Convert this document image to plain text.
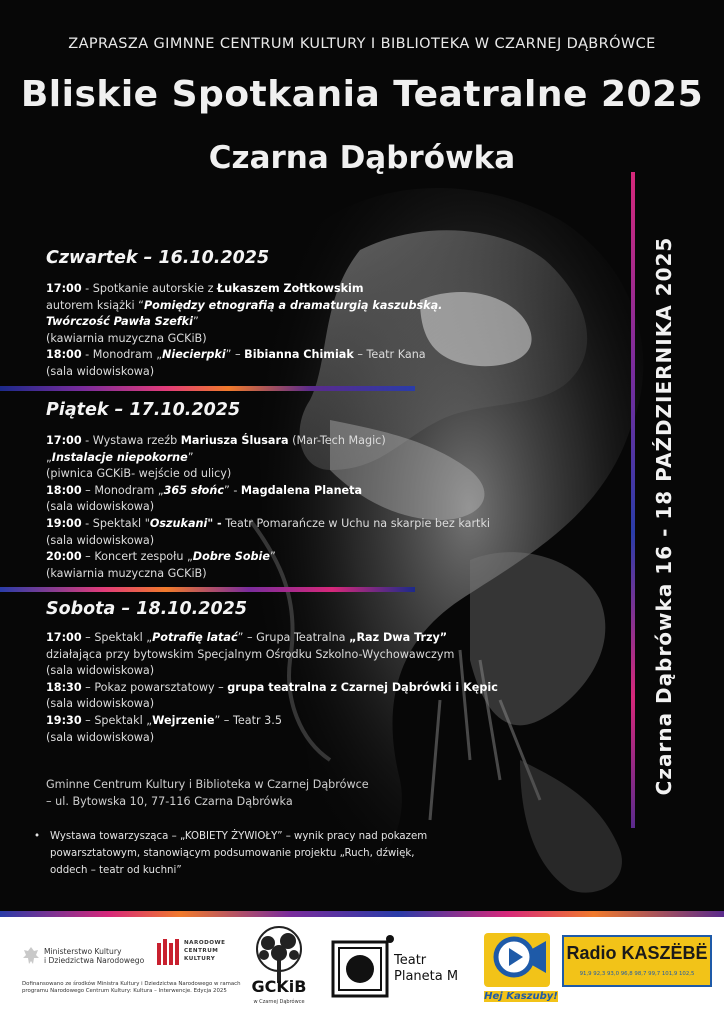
ZAPRASZA GIMNNE CENTRUM KULTURY I BIBLIOTEKA W CZARNEJ DĄBRÓWCE
Bliskie Spotkania Teatralne 2025
Czarna Dąbrówka
Czwartek – 16.10.2025
17:00 - Spotkanie autorskie z Łukaszem Zołtkowskim
autorem książki “Pomiędzy etnografią a dramaturgią kaszubską.
Twórczość Pawła Szefki”
(kawiarnia muzyczna GCKiB)
18:00 - Monodram „Niecierpki” – Bibianna Chimiak – Teatr Kana
(sala widowiskowa)
Piątek – 17.10.2025
17:00 - Wystawa rzeźb Mariusza Ślusara (Mar-Tech Magic)
„Instalacje niepokorne”
(piwnica GCKiB- wejście od ulicy)
18:00 – Monodram „365 słońc” - Magdalena Planeta
(sala widowiskowa)
19:00 - Spektakl "Oszukani" - Teatr Pomarańcze w Uchu na skarpie bez kartki
(sala widowiskowa)
20:00 – Koncert zespołu „Dobre Sobie”
(kawiarnia muzyczna GCKiB)
Sobota – 18.10.2025
17:00 – Spektakl „Potrafię latać” – Grupa Teatralna „Raz Dwa Trzy”
działająca przy bytowskim Specjalnym Ośrodku Szkolno-Wychowawczym
(sala widowiskowa)
18:30 – Pokaz powarsztatowy – grupa teatralna z Czarnej Dąbrówki i Kępic
(sala widowiskowa)
19:30 – Spektakl „Wejrzenie” – Teatr 3.5
(sala widowiskowa)	Czarna Dąbrówka 16 - 18 PAŹDZIERNIKA 2025
Gminne Centrum Kultury i Biblioteka w Czarnej Dąbrówce
– ul. Bytowska 10, 77-116 Czarna Dąbrówka
• Wystawa towarzysząca – „KOBIETY ŻYWIOŁY” – wynik pracy nad pokazem powarsztatowym, stanowiącym podsumowanie projektu „Ruch, dźwięk, oddech – teatr od kuchni”
Ministerstwo Kultury
i Dziedzictwa Narodowego
Dofinansowano ze środków Ministra Kultury i Dziedzictwa Narodowego w ramach
programu Narodowego Centrum Kultury: Kultura – Interwencje. Edycja 2025
NARODOWE
CENTRUM
KULTURY
GCKiB
w Czarnej Dąbrówce
Teatr
Planeta M
Hej Kaszuby!
Radio KASZËBË
91,9 92,3 93,0 96,8 98,7 99,7 101,9 102,5
